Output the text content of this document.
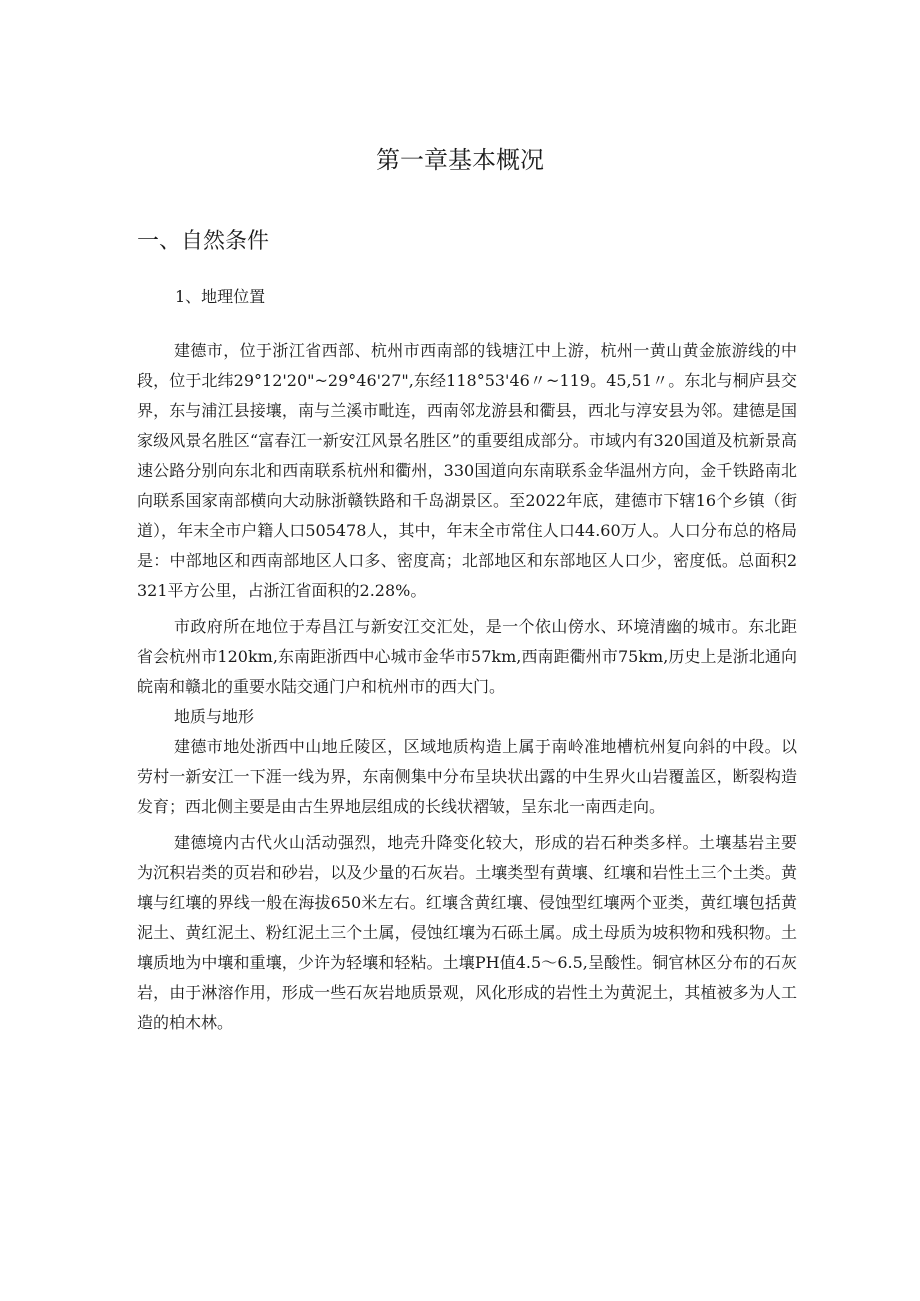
第一章基本概况
一、自然条件

1、地理位置

建德市，位于浙江省西部、杭州市西南部的钱塘江中上游，杭州一黄山黄金旅游线的中段，位于北纬29°12'20"~29°46'27",东经118°53'46〃~119。45,51〃。东北与桐庐县交界，东与浦江县接壤，南与兰溪市毗连，西南邻龙游县和衢县，西北与淳安县为邻。建德是国家级风景名胜区“富春江一新安江风景名胜区”的重要组成部分。市域内有320国道及杭新景高速公路分别向东北和西南联系杭州和衢州，330国道向东南联系金华温州方向，金千铁路南北向联系国家南部横向大动脉浙赣铁路和千岛湖景区。至2022年底，建德市下辖16个乡镇（街道），年末全市户籍人口505478人，其中，年末全市常住人口44.60万人。人口分布总的格局是：中部地区和西南部地区人口多、密度高；北部地区和东部地区人口少，密度低。总面积2321平方公里，占浙江省面积的2.28%。

市政府所在地位于寿昌江与新安江交汇处，是一个依山傍水、环境清幽的城市。东北距省会杭州市120km,东南距浙西中心城市金华市57km,西南距衢州市75km,历史上是浙北通向皖南和赣北的重要水陆交通门户和杭州市的西大门。

地质与地形

建德市地处浙西中山地丘陵区，区域地质构造上属于南岭准地槽杭州复向斜的中段。以劳村一新安江一下涯一线为界，东南侧集中分布呈块状出露的中生界火山岩覆盖区，断裂构造发育；西北侧主要是由古生界地层组成的长线状褶皱，呈东北一南西走向。

建德境内古代火山活动强烈，地壳升降变化较大，形成的岩石种类多样。土壤基岩主要为沉积岩类的页岩和砂岩，以及少量的石灰岩。土壤类型有黄壤、红壤和岩性土三个土类。黄壤与红壤的界线一般在海拔650米左右。红壤含黄红壤、侵蚀型红壤两个亚类，黄红壤包括黄泥土、黄红泥土、粉红泥土三个土属，侵蚀红壤为石砾土属。成土母质为坡积物和残积物。土壤质地为中壤和重壤，少许为轻壤和轻粘。土壤PH值4.5～6.5,呈酸性。铜官林区分布的石灰岩，由于淋溶作用，形成一些石灰岩地质景观，风化形成的岩性土为黄泥土，其植被多为人工造的柏木林。
